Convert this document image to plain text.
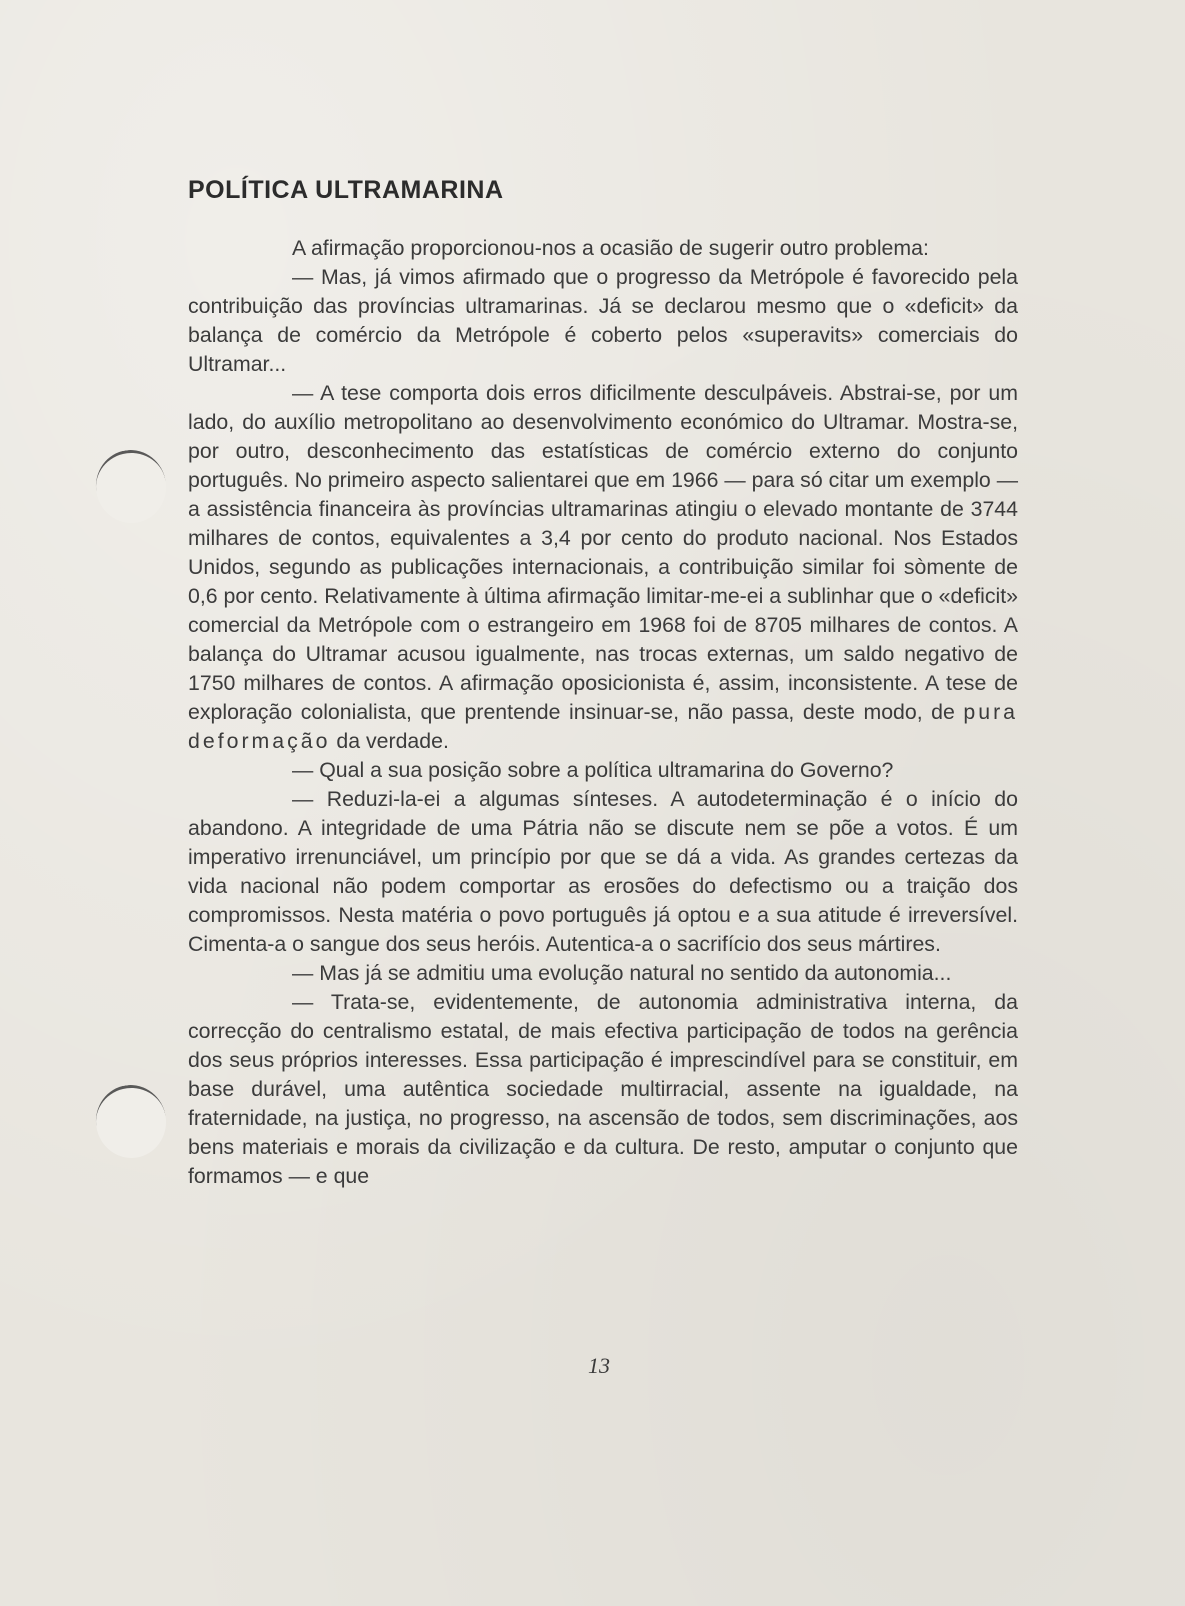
POLÍTICA ULTRAMARINA

A afirmação proporcionou-nos a ocasião de sugerir outro problema:

— Mas, já vimos afirmado que o progresso da Metrópole é favorecido pela contribuição das províncias ultramarinas. Já se declarou mesmo que o «deficit» da balança de comércio da Metrópole é coberto pelos «superavits» comerciais do Ultramar...

— A tese comporta dois erros dificilmente desculpáveis. Abstrai-se, por um lado, do auxílio metropolitano ao desenvolvimento económico do Ultramar. Mostra-se, por outro, desconhecimento das estatísticas de comércio externo do conjunto português. No primeiro aspecto salientarei que em 1966 — para só citar um exemplo — a assistência financeira às províncias ultramarinas atingiu o elevado montante de 3744 milhares de contos, equivalentes a 3,4 por cento do produto nacional. Nos Estados Unidos, segundo as publicações internacionais, a contribuição similar foi sòmente de 0,6 por cento. Relativamente à última afirmação limitar-me-ei a sublinhar que o «deficit» comercial da Metrópole com o estrangeiro em 1968 foi de 8705 milhares de contos. A balança do Ultramar acusou igualmente, nas trocas externas, um saldo negativo de 1750 milhares de contos. A afirmação oposicionista é, assim, inconsistente. A tese de exploração colonialista, que prentende insinuar-se, não passa, deste modo, de pura deformação da verdade.

— Qual a sua posição sobre a política ultramarina do Governo?

— Reduzi-la-ei a algumas sínteses. A autodeterminação é o início do abandono. A integridade de uma Pátria não se discute nem se põe a votos. É um imperativo irrenunciável, um princípio por que se dá a vida. As grandes certezas da vida nacional não podem comportar as erosões do defectismo ou a traição dos compromissos. Nesta matéria o povo português já optou e a sua atitude é irreversível. Cimenta-a o sangue dos seus heróis. Autentica-a o sacrifício dos seus mártires.

— Mas já se admitiu uma evolução natural no sentido da autonomia...

— Trata-se, evidentemente, de autonomia administrativa interna, da correcção do centralismo estatal, de mais efectiva participação de todos na gerência dos seus próprios interesses. Essa participação é imprescindível para se constituir, em base durável, uma autêntica sociedade multirracial, assente na igualdade, na fraternidade, na justiça, no progresso, na ascensão de todos, sem discriminações, aos bens materiais e morais da civilização e da cultura. De resto, amputar o conjunto que formamos — e que

13
